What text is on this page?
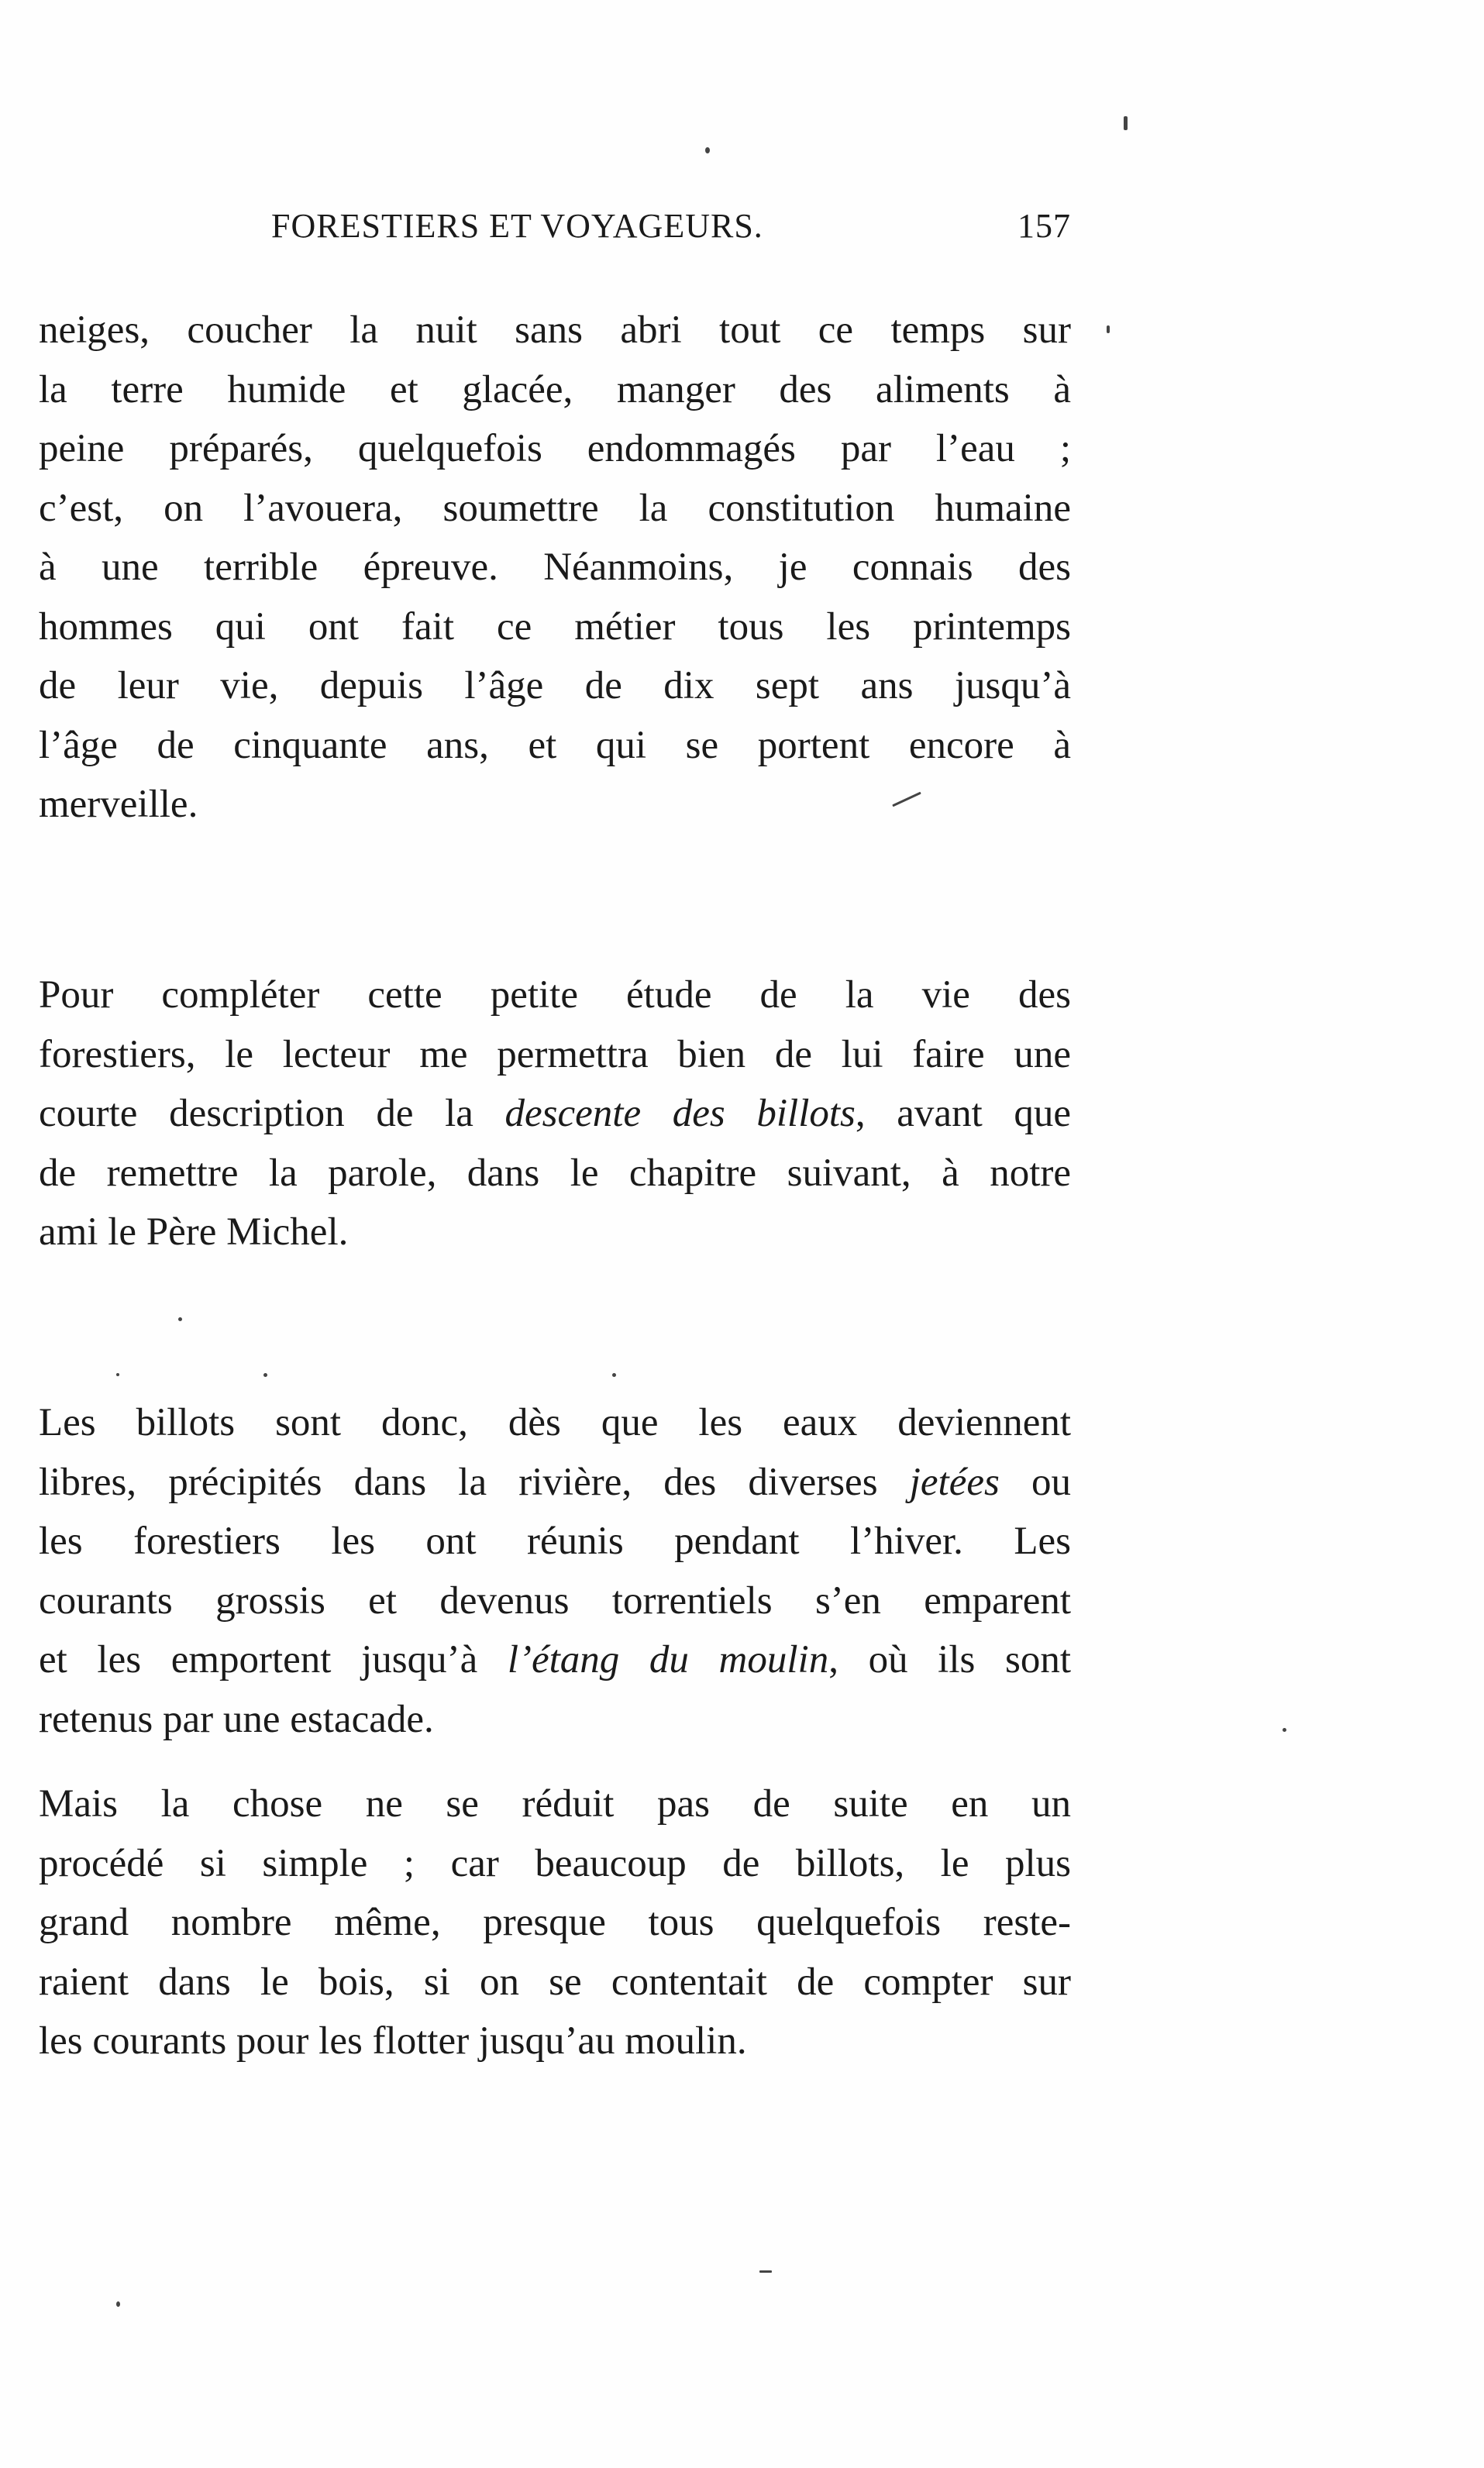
FORESTIERS ET VOYAGEURS.	157
neiges, coucher la nuit sans abri tout ce temps sur
la terre humide et glacée, manger des aliments à
peine préparés, quelquefois endommagés par l’eau ;
c’est, on l’avouera, soumettre la constitution humaine
à une terrible épreuve. Néanmoins, je connais des
hommes qui ont fait ce métier tous les printemps
de leur vie, depuis l’âge de dix sept ans jusqu’à
l’âge de cinquante ans, et qui se portent encore à
merveille.
Pour compléter cette petite étude de la vie des
forestiers, le lecteur me permettra bien de lui faire une
courte description de la descente des billots, avant que
de remettre la parole, dans le chapitre suivant, à notre
ami le Père Michel.
Les billots sont donc, dès que les eaux deviennent
libres, précipités dans la rivière, des diverses jetées ou
les forestiers les ont réunis pendant l’hiver. Les
courants grossis et devenus torrentiels s’en emparent
et les emportent jusqu’à l’étang du moulin, où ils sont
retenus par une estacade.
Mais la chose ne se réduit pas de suite en un
procédé si simple ; car beaucoup de billots, le plus
grand nombre même, presque tous quelquefois reste-
raient dans le bois, si on se contentait de compter sur
les courants pour les flotter jusqu’au moulin.
